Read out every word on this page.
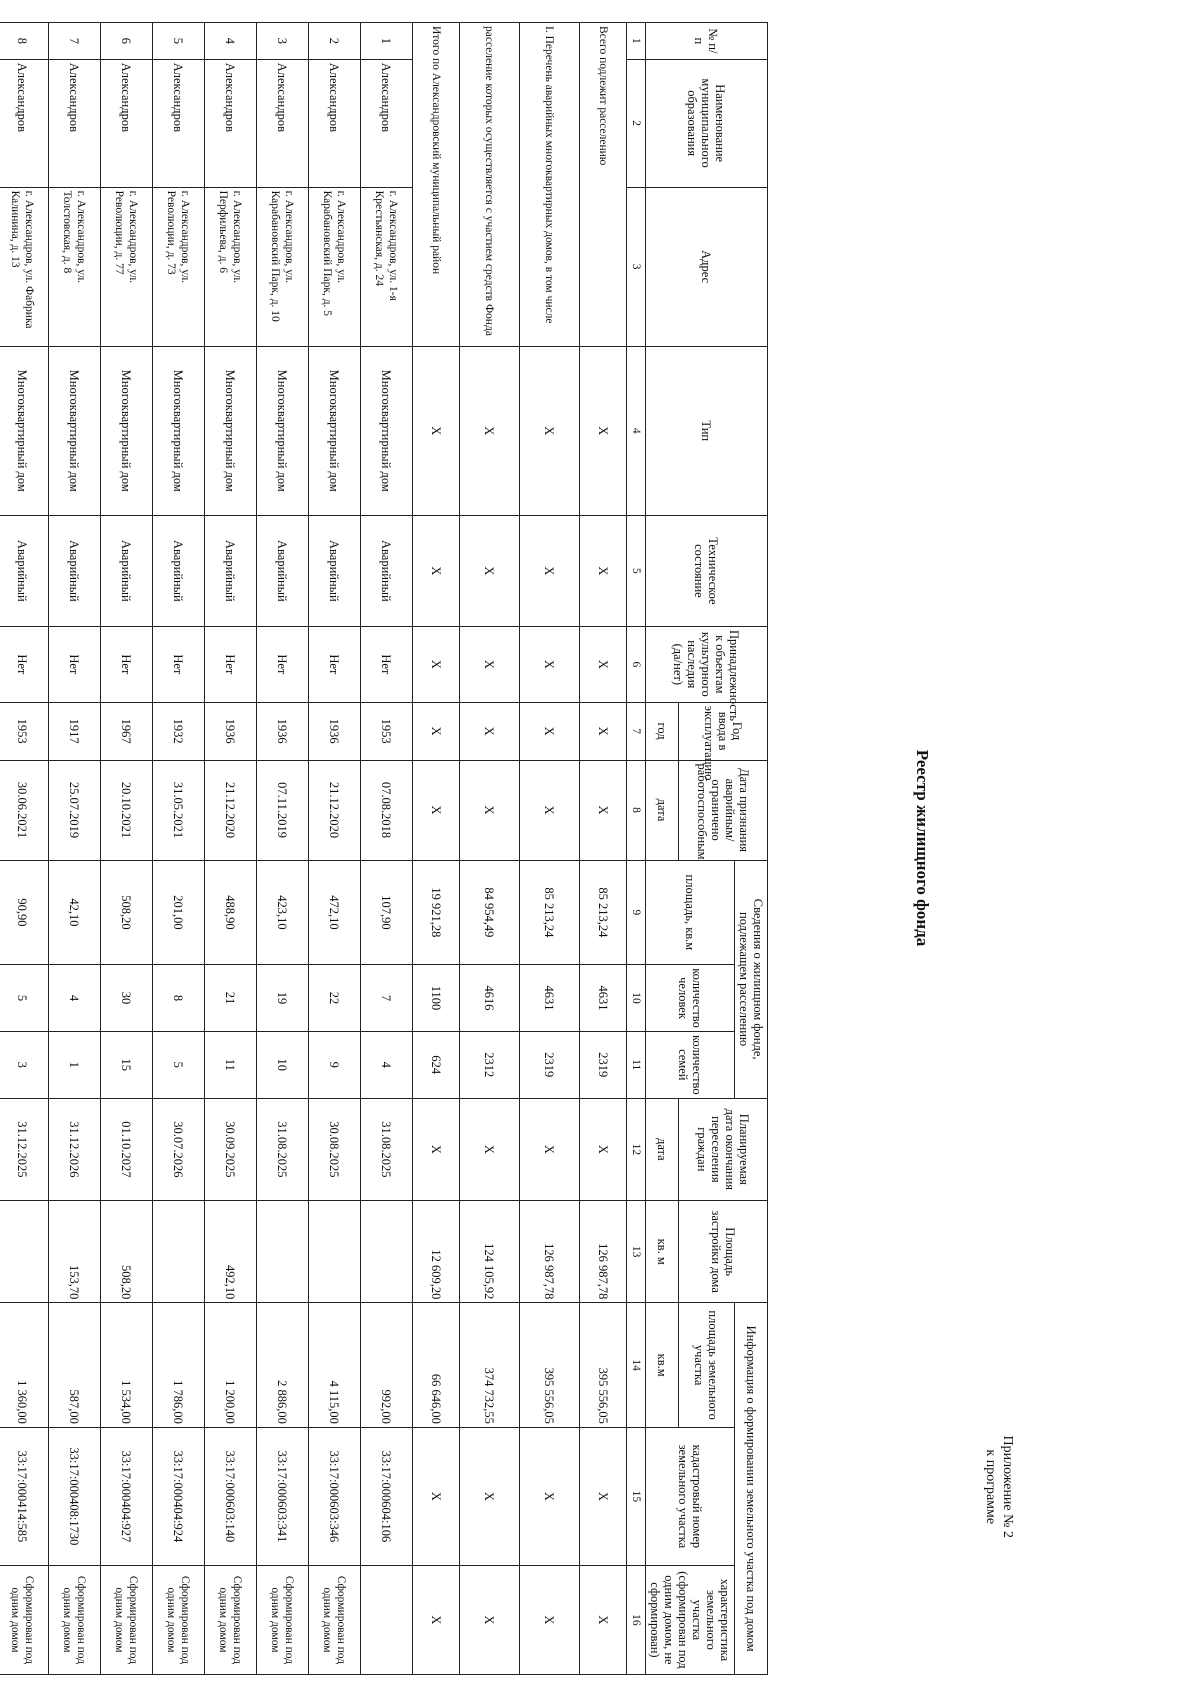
Приложение № 2
к программе
Реестр жилищного фонда
№ п/п	Наименование муниципального образования	Адрес	Тип	Техническое состояние	Принадлежность к объектам культурного наследия (да/нет)	Год ввода в эксплуатацию	Дата признания аварийным/ограничено работоспособным	Сведения о жилищном фонде, подлежащем расселению			Планируемая дата окончания переселения граждан	Площадь застройки дома	Информация о формировании земельного участка под домом		
								площадь, кв.м	количество человек	количество семей			площадь земельного участка	кадастровый номер земельного участка	характеристика земельного участка (сформирован под одним домом, не сформирован)
						год	дата				дата	кв. м	кв.м		
1	2	3	4	5	6	7	8	9	10	11	12	13	14	15	16
Всего подлежит расселению			X	X	X	X	X	85 213,24	4631	2319	X	126 987,78	395 556,05	X	X
I. Перечень аварийных многоквартирных домов, в том числе			X	X	X	X	X	85 213,24	4631	2319	X	126 987,78	395 556,05	X	X
расселение которых осуществляется с участием средств Фонда			X	X	X	X	X	84 954,49	4616	2312	X	124 105,92	374 732,55	X	X
Итого по Александровский муниципальный район			X	X	X	X	X	19 921,28	1100	624	X	12 609,20	66 646,00	X	X
1	Александров	г. Александров, ул. 1-я Крестьянская, д. 24	Многоквартирный дом	Аварийный	Нет	1953	07.08.2018	107,90	7	4	31.08.2025		992,00	33:17:000604:106	
2	Александров	г. Александров, ул. Карабановский Парк, д. 5	Многоквартирный дом	Аварийный	Нет	1936	21.12.2020	472,10	22	9	30.08.2025		4 115,00	33:17:000603:346	Сформирован под одним домом
3	Александров	г. Александров, ул. Карабановский Парк, д. 10	Многоквартирный дом	Аварийный	Нет	1936	07.11.2019	423,10	19	10	31.08.2025		2 886,00	33:17:000603:341	Сформирован под одним домом
4	Александров	г. Александров, ул. Перфильева, д. 6	Многоквартирный дом	Аварийный	Нет	1936	21.12.2020	488,90	21	11	30.09.2025	492,10	1 200,00	33:17:000603:140	Сформирован под одним домом
5	Александров	г. Александров, ул. Революции, д. 73	Многоквартирный дом	Аварийный	Нет	1932	31.05.2021	201,00	8	5	30.07.2026		1 786,00	33:17:000404:924	Сформирован под одним домом
6	Александров	г. Александров, ул. Революции, д. 77	Многоквартирный дом	Аварийный	Нет	1967	20.10.2021	508,20	30	15	01.10.2027	508,20	1 534,00	33:17:000404:927	Сформирован под одним домом
7	Александров	г. Александров, ул. Толстовская, д. 8	Многоквартирный дом	Аварийный	Нет	1917	25.07.2019	42,10	4	1	31.12.2026	153,70	587,00	33:17:000408:1730	Сформирован под одним домом
8	Александров	г. Александров, ул. Фабрика Калинина, д. 13	Многоквартирный дом	Аварийный	Нет	1953	30.06.2021	90,90	5	3	31.12.2025		1 360,00	33:17:000414:585	Сформирован под одним домом
